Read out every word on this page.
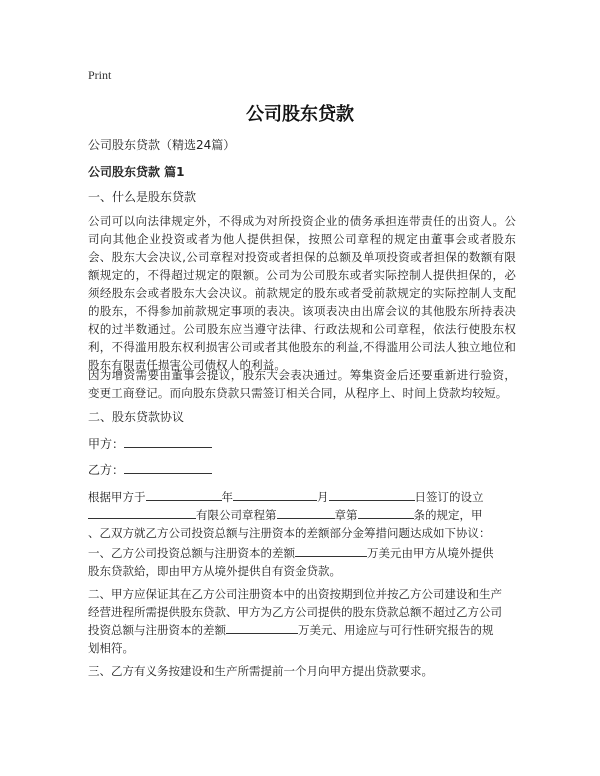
Print
公司股东贷款
公司股东贷款（精选24篇）
公司股东贷款 篇1
一、什么是股东贷款
公司可以向法律规定外，不得成为对所投资企业的债务承担连带责任的出资人。公司向其他企业投资或者为他人提供担保，按照公司章程的规定由董事会或者股东会、股东大会决议,公司章程对投资或者担保的总额及单项投资或者担保的数额有限额规定的，不得超过规定的限额。公司为公司股东或者实际控制人提供担保的，必须经股东会或者股东大会决议。前款规定的股东或者受前款规定的实际控制人支配的股东，不得参加前款规定事项的表决。该项表决由出席会议的其他股东所持表决权的过半数通过。公司股东应当遵守法律、行政法规和公司章程，依法行使股东权利，不得滥用股东权利损害公司或者其他股东的利益,不得滥用公司法人独立地位和股东有限责任损害公司债权人的利益。
因为增资需要由董事会提议，股东大会表决通过。筹集资金后还要重新进行验资，变更工商登记。而向股东贷款只需签订相关合同，从程序上、时间上贷款均较短。
二、股东贷款协议
甲方：
乙方：
根据甲方于	年	月	日签订的设立
有限公司章程第	章第	条的规定，甲
、乙双方就乙方公司投资总额与注册资本的差额部分金筹措问题达成如下协议：
一、乙方公司投资总额与注册资本的差额	万美元由甲方从境外提供
股东贷款給，即由甲方从境外提供自有资金贷款。
二、甲方应保证其在乙方公司注册资本中的出资按期到位并按乙方公司建设和生产
经营进程所需提供股东贷款、甲方为乙方公司提供的股东贷款总额不超过乙方公司
投资总额与注册资本的差额	万美元、用途应与可行性研究报告的规
划相符。
三、乙方有义务按建设和生产所需提前一个月向甲方提出贷款要求。
